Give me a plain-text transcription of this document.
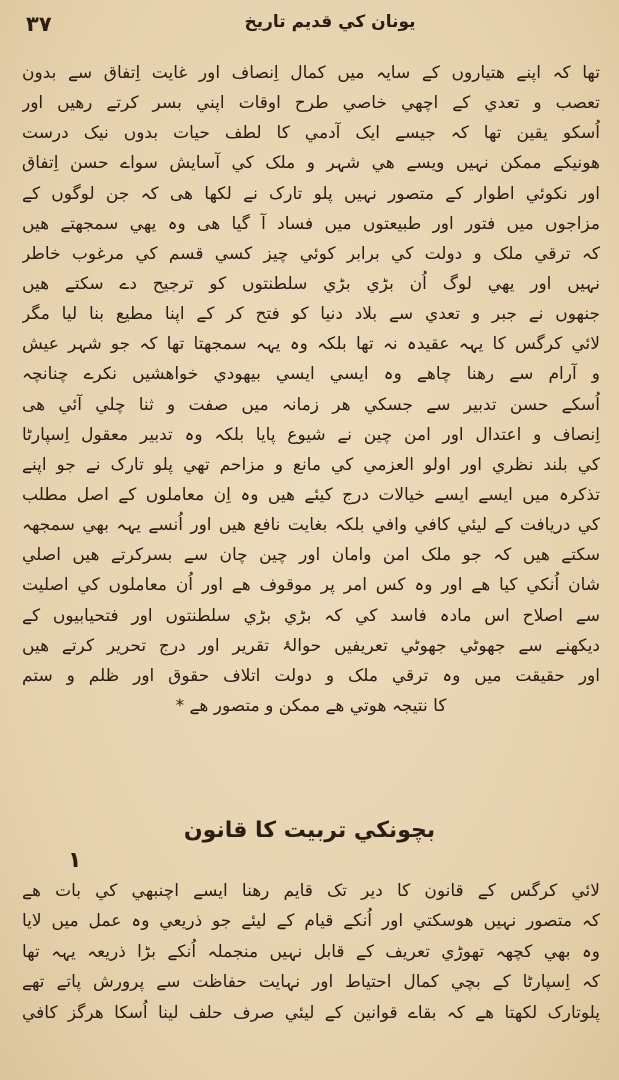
۳۷	یونان کي قدیم تاریخ
تھا کہ اپنے ھتیاروں کے سایہ میں کمال اِنصاف اور غایت اِتفاق سے بدون
تعصب و تعدي کے اچھي خاصي طرح اوقات اپني بسر کرتے رھیں اور
اُسکو یقین تھا کہ جیسے ایک آدمي کا لطف حیات بدوں نیک درست
ھونیکے ممکن نہیں ویسے ھي شہر و ملک کي آسایش سواے حسن اِتفاق
اور نکوئي اطوار کے متصور نہیں پلو تارک نے لکھا ھی کہ جن لوگوں کے
مزاجوں میں فتور اور طبیعتوں میں فساد آ گیا ھی وہ یھي سمجھتے ھیں
کہ ترقي ملک و دولت کي برابر کوئي چیز کسي قسم کي مرغوب خاطر
نہیں اور یھي لوگ اُن بڑي بڑي سلطنتوں کو ترجیح دے سکتے ھیں
جنھوں نے جبر و تعدي سے بلاد دنیا کو فتح کر کے اپنا مطیع بنا لیا مگر
لائي کرگس کا یہہ عقیدہ نہ تھا بلکہ وہ یہہ سمجھتا تھا کہ جو شہر عیش
و آرام سے رھنا چاھے وہ ایسي ایسي بیھودي خواھشیں نکرے چنانچہ
اُسکے حسن تدبیر سے جسکي ھر زمانہ میں صفت و ثنا چلي آئي ھی
اِنصاف و اعتدال اور امن چین نے شیوع پایا بلکہ وہ تدبیر معقول اِسپارٹا
کي بلند نظري اور اولو العزمي کي مانع و مزاحم تھي پلو تارک نے جو اپنے
تذکرہ میں ایسے ایسے خیالات درج کیئے ھیں وہ اِن معاملوں کے اصل مطلب
کي دریافت کے لیئي کافي وافي بلکہ بغایت نافع ھیں اور اُنسے یہہ بھي سمجھہ
سکتے ھیں کہ جو ملک امن وامان اور چین چان سے بسرکرتے ھیں اصلي
شان اُنکي کیا ھے اور وہ کس امر پر موقوف ھے اور اُن معاملوں کي اصلیت
سے اصلاح اس مادہ فاسد کي کہ بڑي بڑي سلطنتوں اور فتحیابیوں کے
دیکھنے سے جھوٹي جھوٹي تعریفیں حوالۂ تقریر اور درج تحریر کرتے ھیں
اور حقیقت میں وہ ترقي ملک و دولت اتلاف حقوق اور ظلم و ستم
کا نتیجہ ھوتي ھے ممکن و متصور ھے *
بچونکي تربیت کا قانون
١
لائي کرگس کے قانون کا دیر تک قایم رھنا ایسے اچنبھي کي بات ھے
کہ متصور نہیں ھوسکتي اور اُنکے قیام کے لیئے جو ذریعي وہ عمل میں لایا
وہ بھي کچھہ تھوڑي تعریف کے قابل نہیں منجملہ اُنکے بڑا ذریعہ یہہ تھا
کہ اِسپارٹا کے بچي کمال احتیاط اور نہایت حفاظت سے پرورش پاتے تھے
پلوتارک لکھتا ھے کہ بقاے قوانین کے لیئي صرف حلف لینا اُسکا ھرگز کافي
